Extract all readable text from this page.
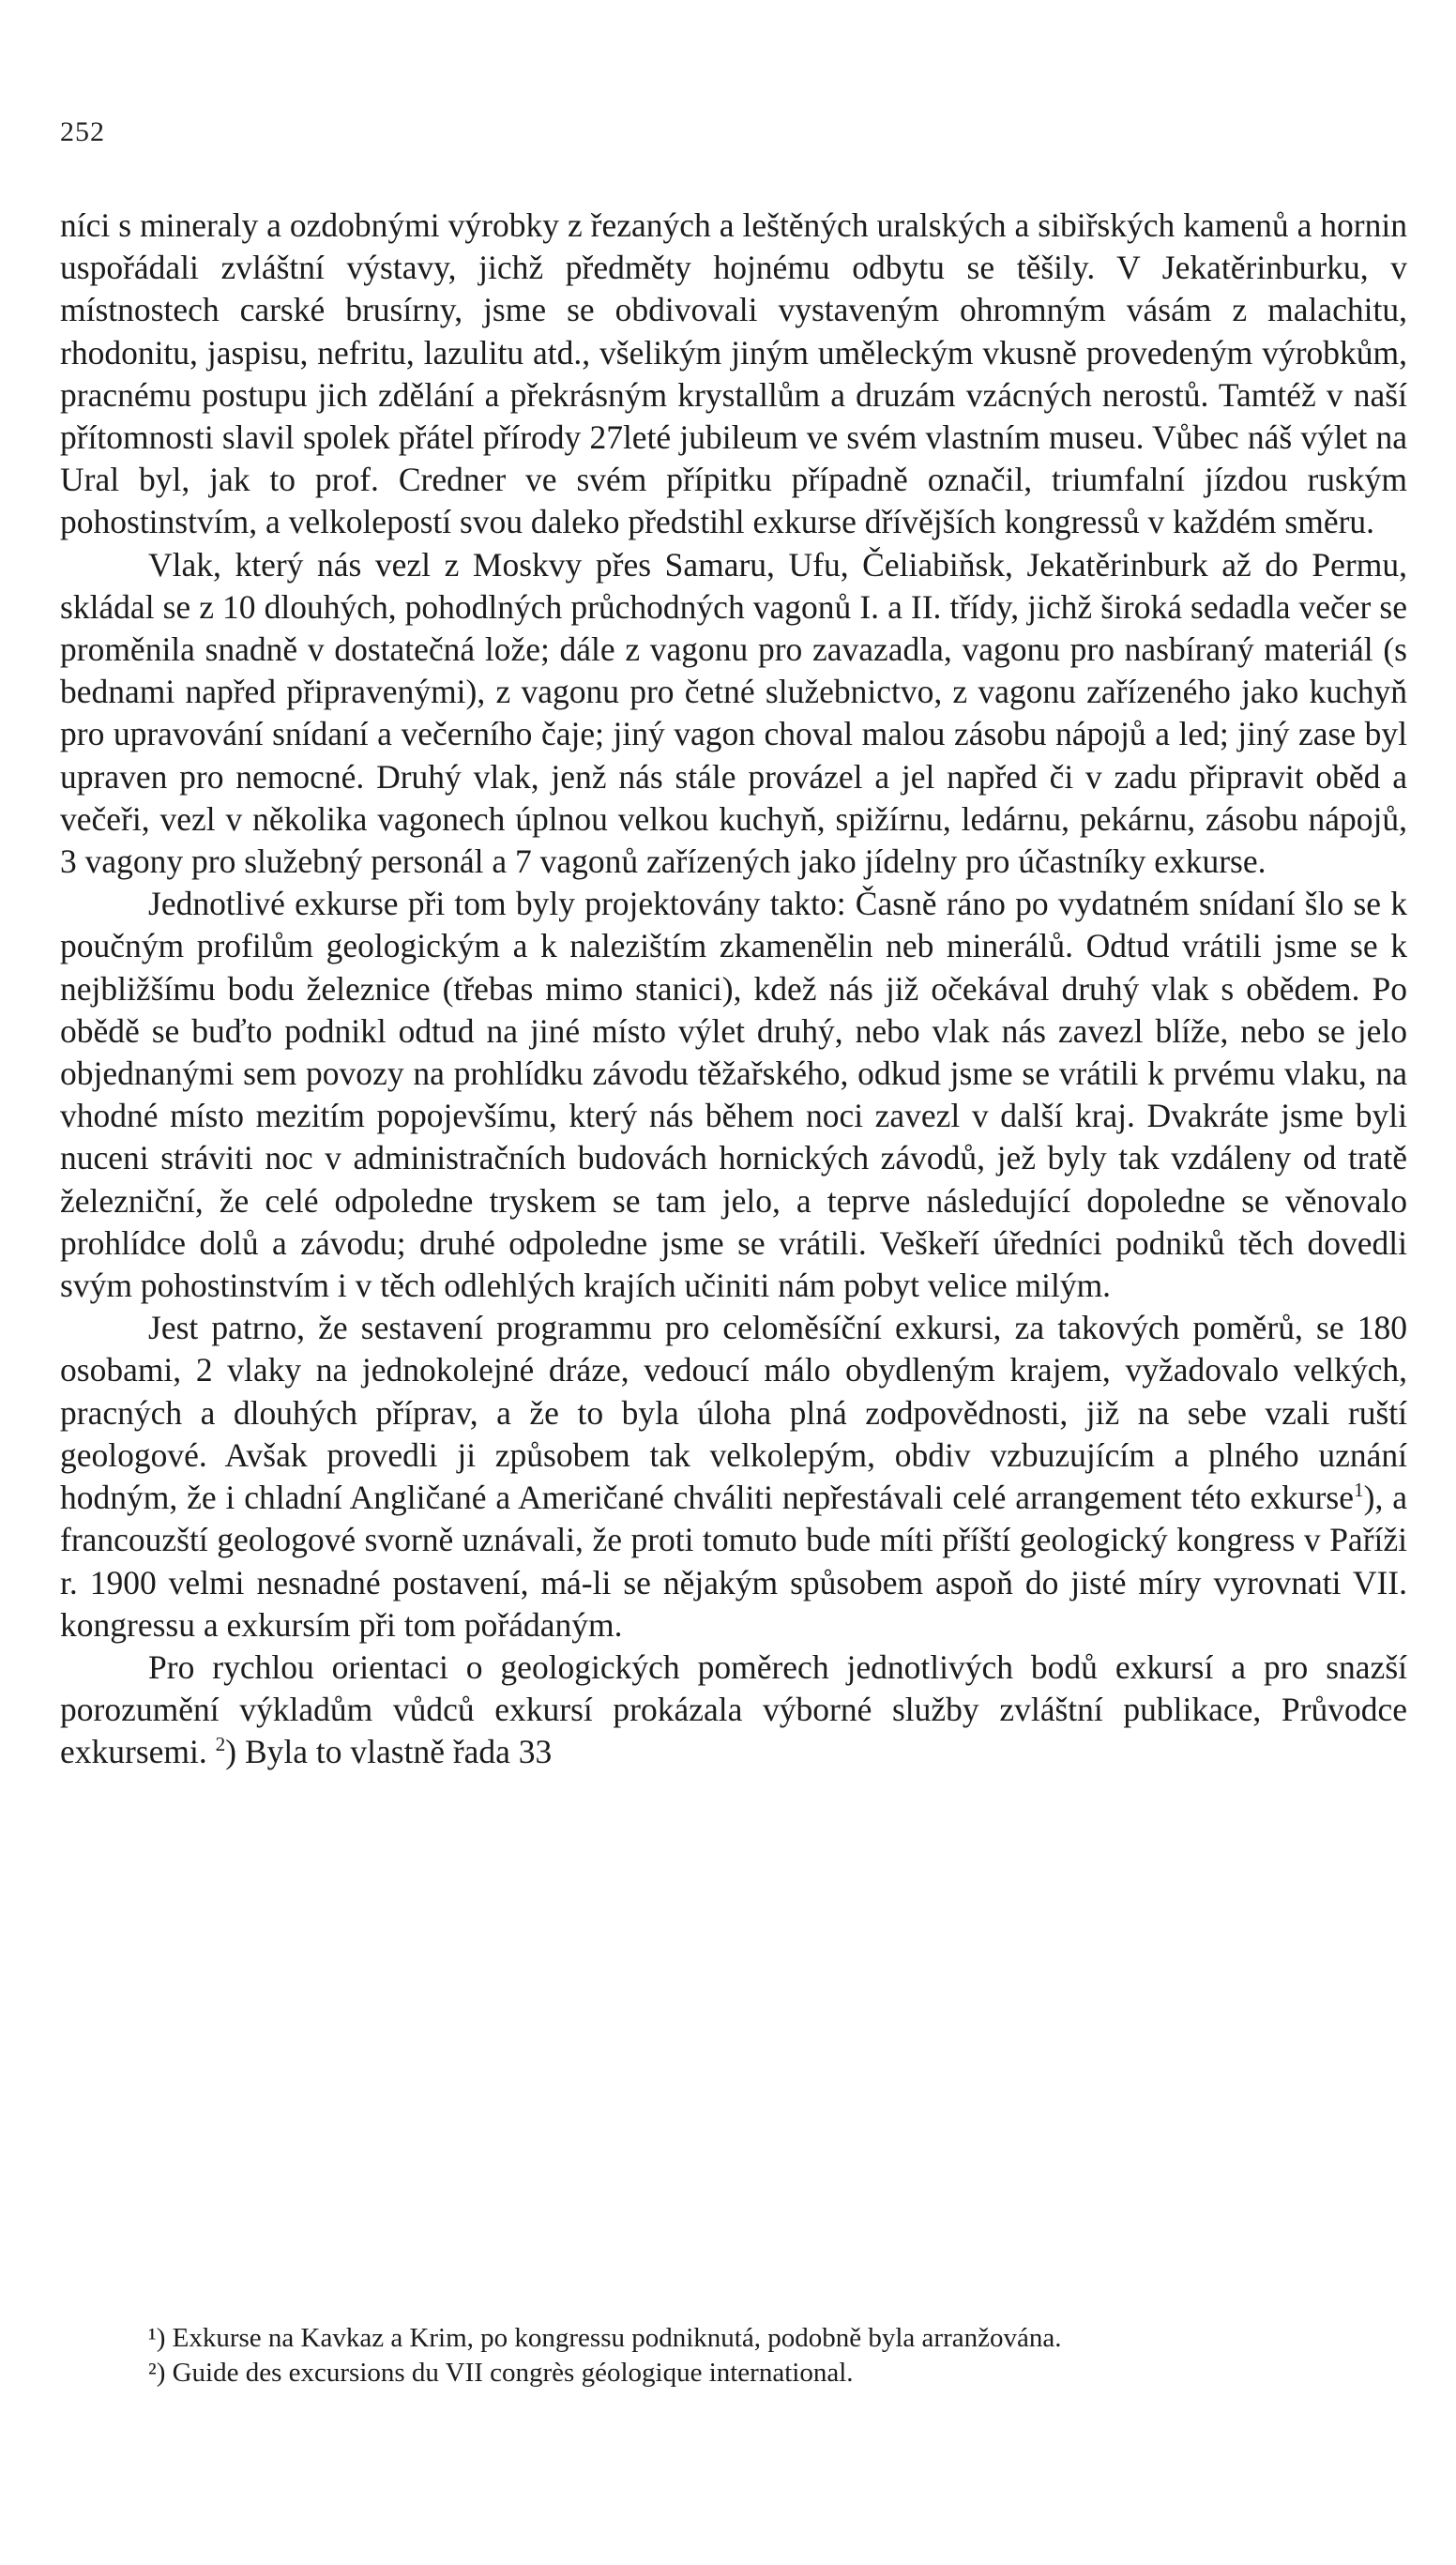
252

níci s mineraly a ozdobnými výrobky z řezaných a leštěných uralských a sibiřských kamenů a hornin uspořádali zvláštní výstavy, jichž předměty hojnému odbytu se těšily. V Jekatěrinburku, v místnostech carské brusírny, jsme se obdivovali vystaveným ohromným vásám z malachitu, rhodonitu, jaspisu, nefritu, lazulitu atd., všelikým jiným uměleckým vkusně provedeným výrobkům, pracnému postupu jich zdělání a překrásným krystallům a druzám vzácných nerostů. Tamtéž v naší přítomnosti slavil spolek přátel přírody 27leté jubileum ve svém vlastním museu. Vůbec náš výlet na Ural byl, jak to prof. Credner ve svém přípitku případně označil, triumfalní jízdou ruským pohostinstvím, a velkolepostí svou daleko předstihl exkurse dřívějších kongressů v každém směru.

Vlak, který nás vezl z Moskvy přes Samaru, Ufu, Čeliabiňsk, Jekatěrinburk až do Permu, skládal se z 10 dlouhých, pohodlných průchodných vagonů I. a II. třídy, jichž široká sedadla večer se proměnila snadně v dostatečná lože; dále z vagonu pro zavazadla, vagonu pro nasbíraný materiál (s bednami napřed připravenými), z vagonu pro četné služebnictvo, z vagonu zařízeného jako kuchyň pro upravování snídaní a večerního čaje; jiný vagon choval malou zásobu nápojů a led; jiný zase byl upraven pro nemocné. Druhý vlak, jenž nás stále provázel a jel napřed či v zadu připravit oběd a večeři, vezl v několika vagonech úplnou velkou kuchyň, spižírnu, ledárnu, pekárnu, zásobu nápojů, 3 vagony pro služebný personál a 7 vagonů zařízených jako jídelny pro účastníky exkurse.

Jednotlivé exkurse při tom byly projektovány takto: Časně ráno po vydatném snídaní šlo se k poučným profilům geologickým a k nalezištím zkamenělin neb minerálů. Odtud vrátili jsme se k nejbližšímu bodu železnice (třebas mimo stanici), kdež nás již očekával druhý vlak s obědem. Po obědě se buďto podnikl odtud na jiné místo výlet druhý, nebo vlak nás zavezl blíže, nebo se jelo objednanými sem povozy na prohlídku závodu těžařského, odkud jsme se vrátili k prvému vlaku, na vhodné místo mezitím popojevšímu, který nás během noci zavezl v další kraj. Dvakráte jsme byli nuceni stráviti noc v administračních budovách hornických závodů, jež byly tak vzdáleny od tratě železniční, že celé odpoledne tryskem se tam jelo, a teprve následující dopoledne se věnovalo prohlídce dolů a závodu; druhé odpoledne jsme se vrátili. Veškeří úředníci podniků těch dovedli svým pohostinstvím i v těch odlehlých krajích učiniti nám pobyt velice milým.

Jest patrno, že sestavení programmu pro celoměsíční exkursi, za takových poměrů, se 180 osobami, 2 vlaky na jednokolejné dráze, vedoucí málo obydleným krajem, vyžadovalo velkých, pracných a dlouhých příprav, a že to byla úloha plná zodpovědnosti, již na sebe vzali ruští geologové. Avšak provedli ji způsobem tak velkolepým, obdiv vzbuzujícím a plného uznání hodným, že i chladní Angličané a Američané chváliti nepřestávali celé arrangement této exkurse$^1$), a francouzští geologové svorně uznávali, že proti tomuto bude míti příští geologický kongress v Paříži r. 1900 velmi nesnadné postavení, má-li se nějakým spůsobem aspoň do jisté míry vyrovnati VII. kongressu a exkursím při tom pořádaným.

Pro rychlou orientaci o geologických poměrech jednotlivých bodů exkursí a pro snazší porozumění výkladům vůdců exkursí prokázala výborné služby zvláštní publikace, Průvodce exkursemi. $^2$) Byla to vlastně řada 33

¹) Exkurse na Kavkaz a Krim, po kongressu podniknutá, podobně byla arranžována.

²) Guide des excursions du VII congrès géologique international.
